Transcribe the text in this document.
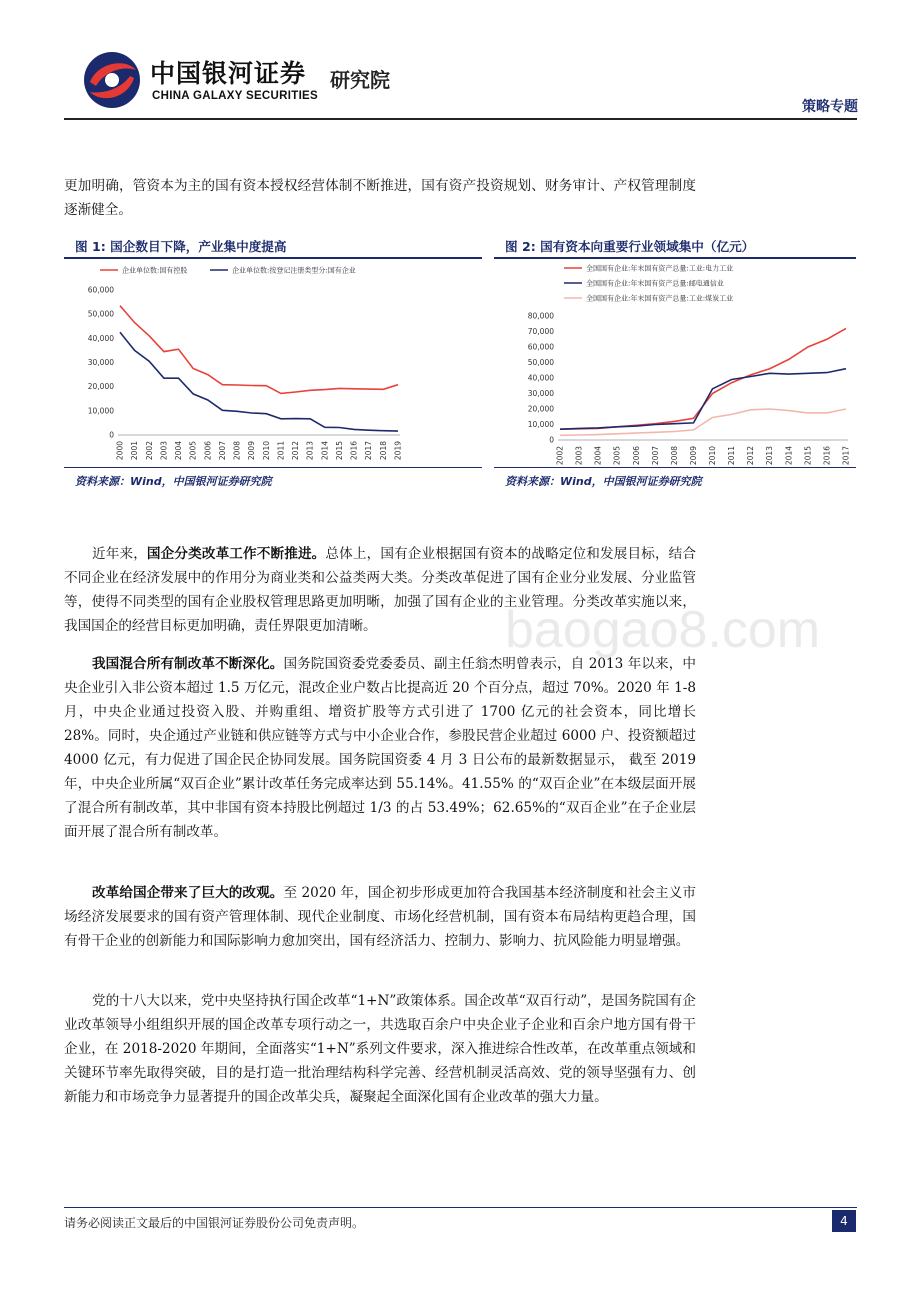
中国银河证券
CHINA GALAXY SECURITIES
研究院
策略专题

更加明确，管资本为主的国有资本授权经营体制不断推进，国有资产投资规划、财务审计、产权管理制度逐渐健全。

图 1: 国企数目下降，产业集中度提高
企业单位数:国有控股	企业单位数:按登记注册类型分:国有企业
0
10,000
20,000
30,000
40,000
50,000
60,000
2000 2001 2002 2003 2004 2005 2006 2007 2008 2009 2010 2011 2012 2013 2014 2015 2016 2017 2018 2019
资料来源：Wind，中国银河证券研究院
图 2: 国有资本向重要行业领域集中（亿元）
全国国有企业:年末国有资产总量:工业:电力工业
全国国有企业:年末国有资产总量:邮电通信业
全国国有企业:年末国有资产总量:工业:煤炭工业
0
10,000
20,000
30,000
40,000
50,000
60,000
70,000
80,000
2002 2003 2004 2005 2006 2007 2008 2009 2010 2011 2012 2013 2014 2015 2016 2017
资料来源：Wind，中国银河证券研究院

近年来，国企分类改革工作不断推进。总体上，国有企业根据国有资本的战略定位和发展目标，结合不同企业在经济发展中的作用分为商业类和公益类两大类。分类改革促进了国有企业分业发展、分业监管等，使得不同类型的国有企业股权管理思路更加明晰，加强了国有企业的主业管理。分类改革实施以来，我国国企的经营目标更加明确，责任界限更加清晰。

我国混合所有制改革不断深化。国务院国资委党委委员、副主任翁杰明曾表示，自 2013 年以来，中央企业引入非公资本超过 1.5 万亿元，混改企业户数占比提高近 20 个百分点，超过 70%。2020 年 1-8 月，中央企业通过投资入股、并购重组、增资扩股等方式引进了 1700 亿元的社会资本，同比增长 28%。同时，央企通过产业链和供应链等方式与中小企业合作，参股民营企业超过 6000 户、投资额超过 4000 亿元，有力促进了国企民企协同发展。国务院国资委 4 月 3 日公布的最新数据显示， 截至 2019 年，中央企业所属“双百企业”累计改革任务完成率达到 55.14%。41.55% 的“双百企业”在本级层面开展了混合所有制改革，其中非国有资本持股比例超过 1/3 的占 53.49%；62.65%的“双百企业”在子企业层面开展了混合所有制改革。

改革给国企带来了巨大的改观。至 2020 年，国企初步形成更加符合我国基本经济制度和社会主义市场经济发展要求的国有资产管理体制、现代企业制度、市场化经营机制，国有资本布局结构更趋合理，国有骨干企业的创新能力和国际影响力愈加突出，国有经济活力、控制力、影响力、抗风险能力明显增强。

党的十八大以来，党中央坚持执行国企改革“1+N”政策体系。国企改革“双百行动”，是国务院国有企业改革领导小组组织开展的国企改革专项行动之一，共选取百余户中央企业子企业和百余户地方国有骨干企业，在 2018-2020 年期间，全面落实“1+N”系列文件要求，深入推进综合性改革，在改革重点领域和关键环节率先取得突破，目的是打造一批治理结构科学完善、经营机制灵活高效、党的领导坚强有力、创新能力和市场竞争力显著提升的国企改革尖兵，凝聚起全面深化国有企业改革的强大力量。

baogao8.com
请务必阅读正文最后的中国银河证券股份公司免责声明。	4
